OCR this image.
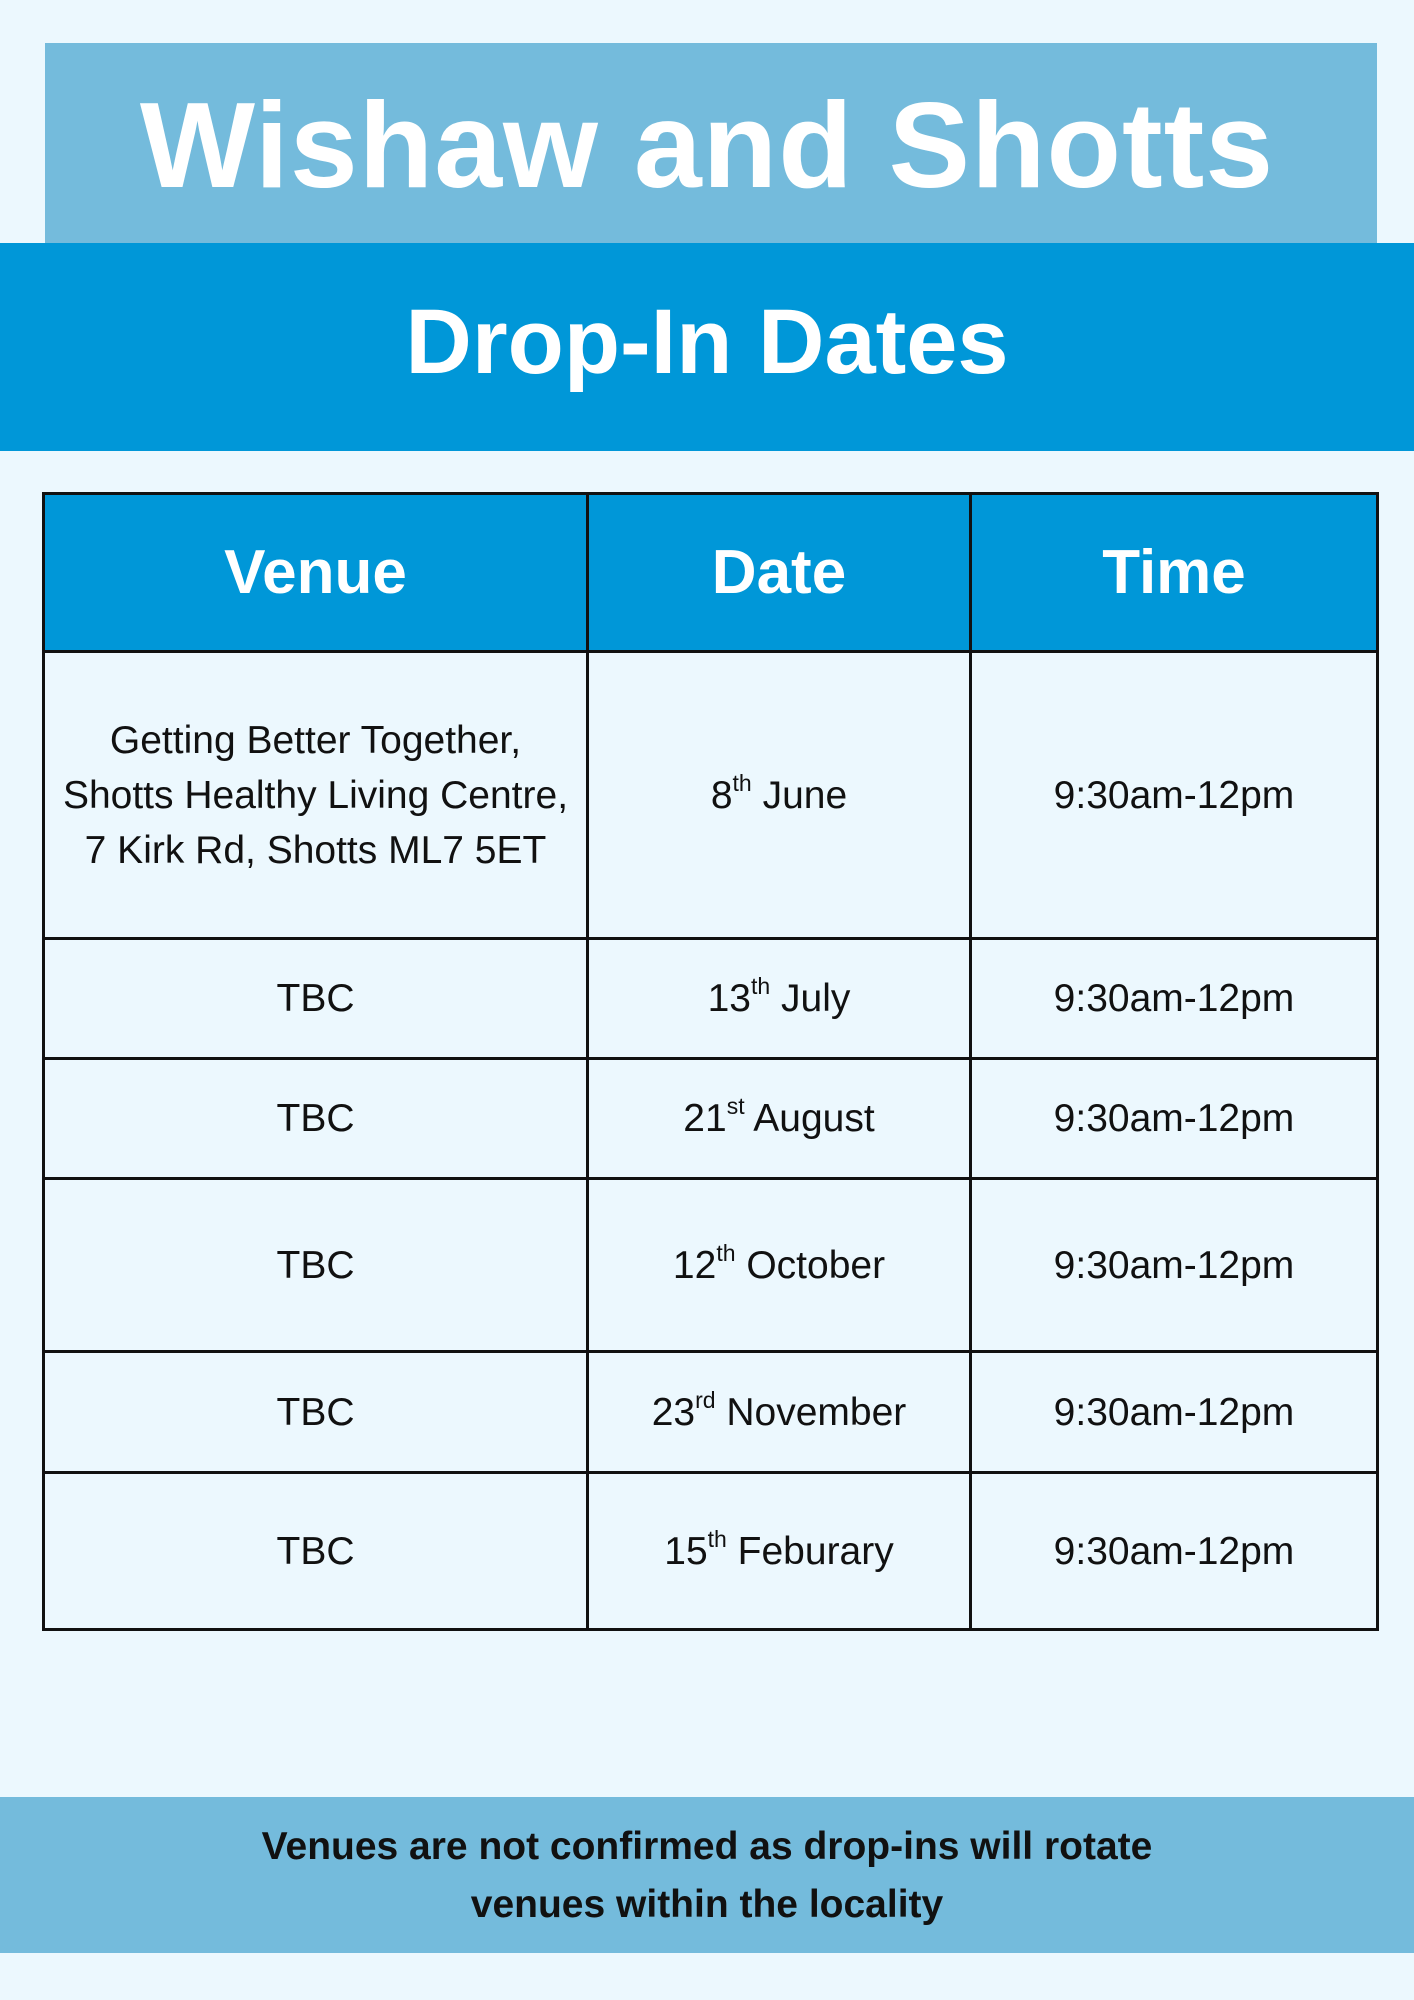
Wishaw and Shotts
Drop-In Dates
Venue	Date	Time
Getting Better Together, Shotts Healthy Living Centre, 7 Kirk Rd, Shotts ML7 5ET	8th June	9:30am-12pm
TBC	13th July	9:30am-12pm
TBC	21st August	9:30am-12pm
TBC	12th October	9:30am-12pm
TBC	23rd November	9:30am-12pm
TBC	15th Feburary	9:30am-12pm
Venues are not confirmed as drop-ins will rotate
venues within the locality
